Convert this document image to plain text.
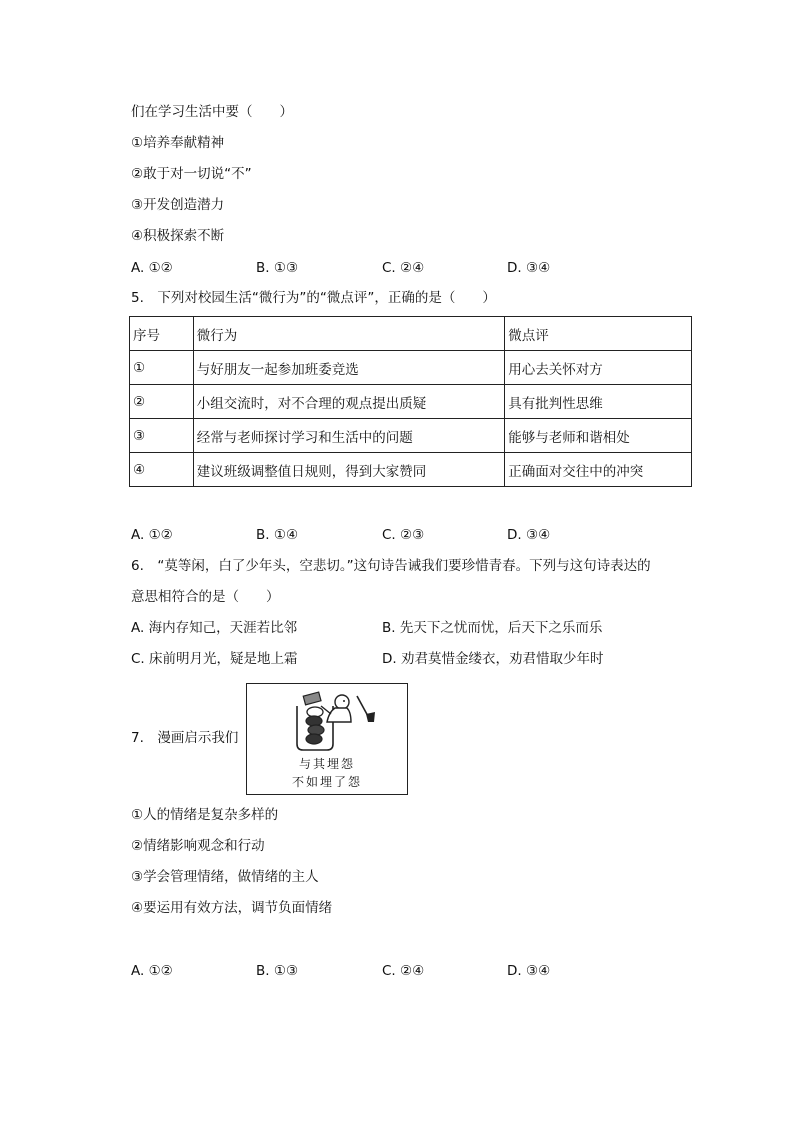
们在学习生活中要（　　）
①培养奉献精神
②敢于对一切说“不”
③开发创造潜力
④积极探索不断
A. ①②	B. ①③	C. ②④	D. ③④
5.　下列对校园生活“微行为”的“微点评”，正确的是（　　）
序号	微行为	微点评
①	与好朋友一起参加班委竞选	用心去关怀对方
②	小组交流时，对不合理的观点提出质疑	具有批判性思维
③	经常与老师探讨学习和生活中的问题	能够与老师和谐相处
④	建议班级调整值日规则，得到大家赞同	正确面对交往中的冲突
A. ①②	B. ①④	C. ②③	D. ③④
6.　“莫等闲，白了少年头，空悲切。”这句诗告诫我们要珍惜青春。下列与这句诗表达的
意思相符合的是（　　）
A. 海内存知己，天涯若比邻	B. 先天下之忧而忧，后天下之乐而乐
C. 床前明月光，疑是地上霜	D. 劝君莫惜金缕衣，劝君惜取少年时
7.　漫画启示我们
与其埋怨
不如埋了怨
①人的情绪是复杂多样的
②情绪影响观念和行动
③学会管理情绪，做情绪的主人
④要运用有效方法，调节负面情绪
A. ①②	B. ①③	C. ②④	D. ③④
